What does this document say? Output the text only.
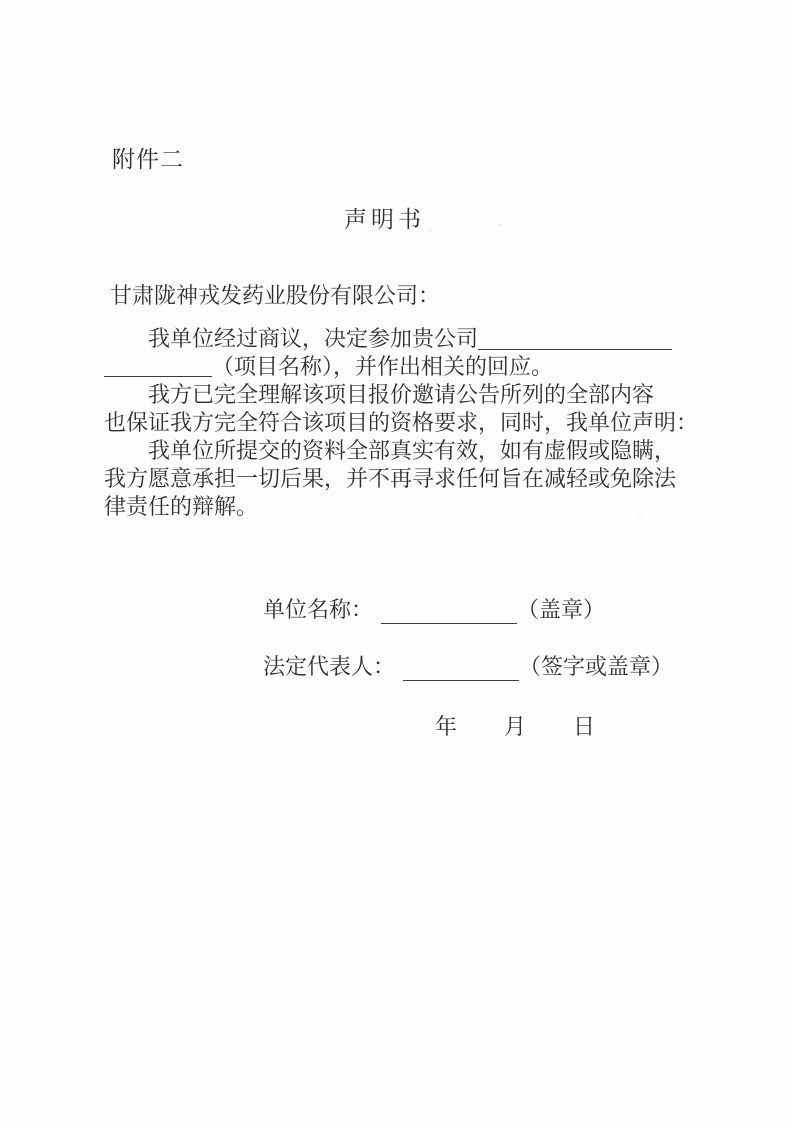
附件二
声明书
甘肃陇神戎发药业股份有限公司：
我单位经过商议，决定参加贵公司
（项目名称），并作出相关的回应。
我方已完全理解该项目报价邀请公告所列的全部内容
也保证我方完全符合该项目的资格要求，同时，我单位声明：
我单位所提交的资料全部真实有效，如有虚假或隐瞒，
我方愿意承担一切后果，并不再寻求任何旨在减轻或免除法
律责任的辩解。
单位名称：	（盖章）
法定代表人：	（签字或盖章）
年 月 日
